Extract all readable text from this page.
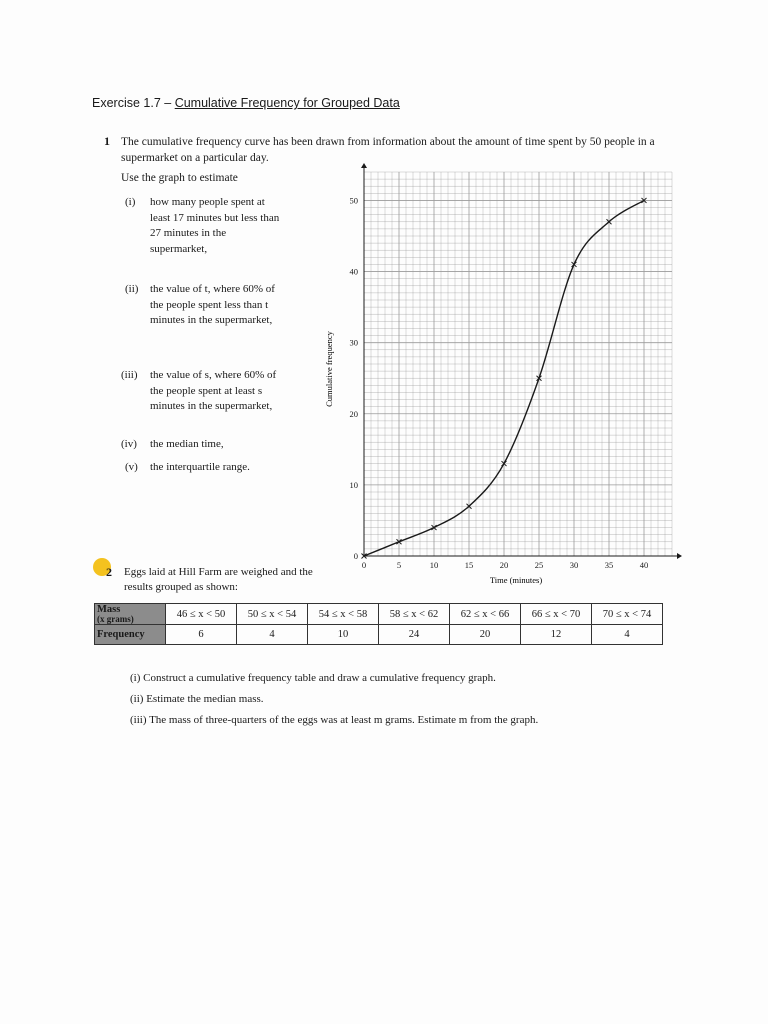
Exercise 1.7 – Cumulative Frequency for Grouped Data
1 The cumulative frequency curve has been drawn from information about the amount of time spent by 50 people in a supermarket on a particular day.
Use the graph to estimate
(i) how many people spent at least 17 minutes but less than 27 minutes in the supermarket,
(ii) the value of t, where 60% of the people spent less than t minutes in the supermarket,
(iii) the value of s, where 60% of the people spent at least s minutes in the supermarket,
(iv) the median time,
(v) the interquartile range.
0	5	10	15	20	25	30	35	40
0
10
20
30
40
50
Time (minutes)
Cumulative frequency
2 Eggs laid at Hill Farm are weighed and the results grouped as shown:
Mass
(x grams)	46 ≤ x < 50	50 ≤ x < 54	54 ≤ x < 58	58 ≤ x < 62	62 ≤ x < 66	66 ≤ x < 70	70 ≤ x < 74
Frequency	6	4	10	24	20	12	4
(i) Construct a cumulative frequency table and draw a cumulative frequency graph.
(ii) Estimate the median mass.
(iii) The mass of three-quarters of the eggs was at least m grams. Estimate m from the graph.
